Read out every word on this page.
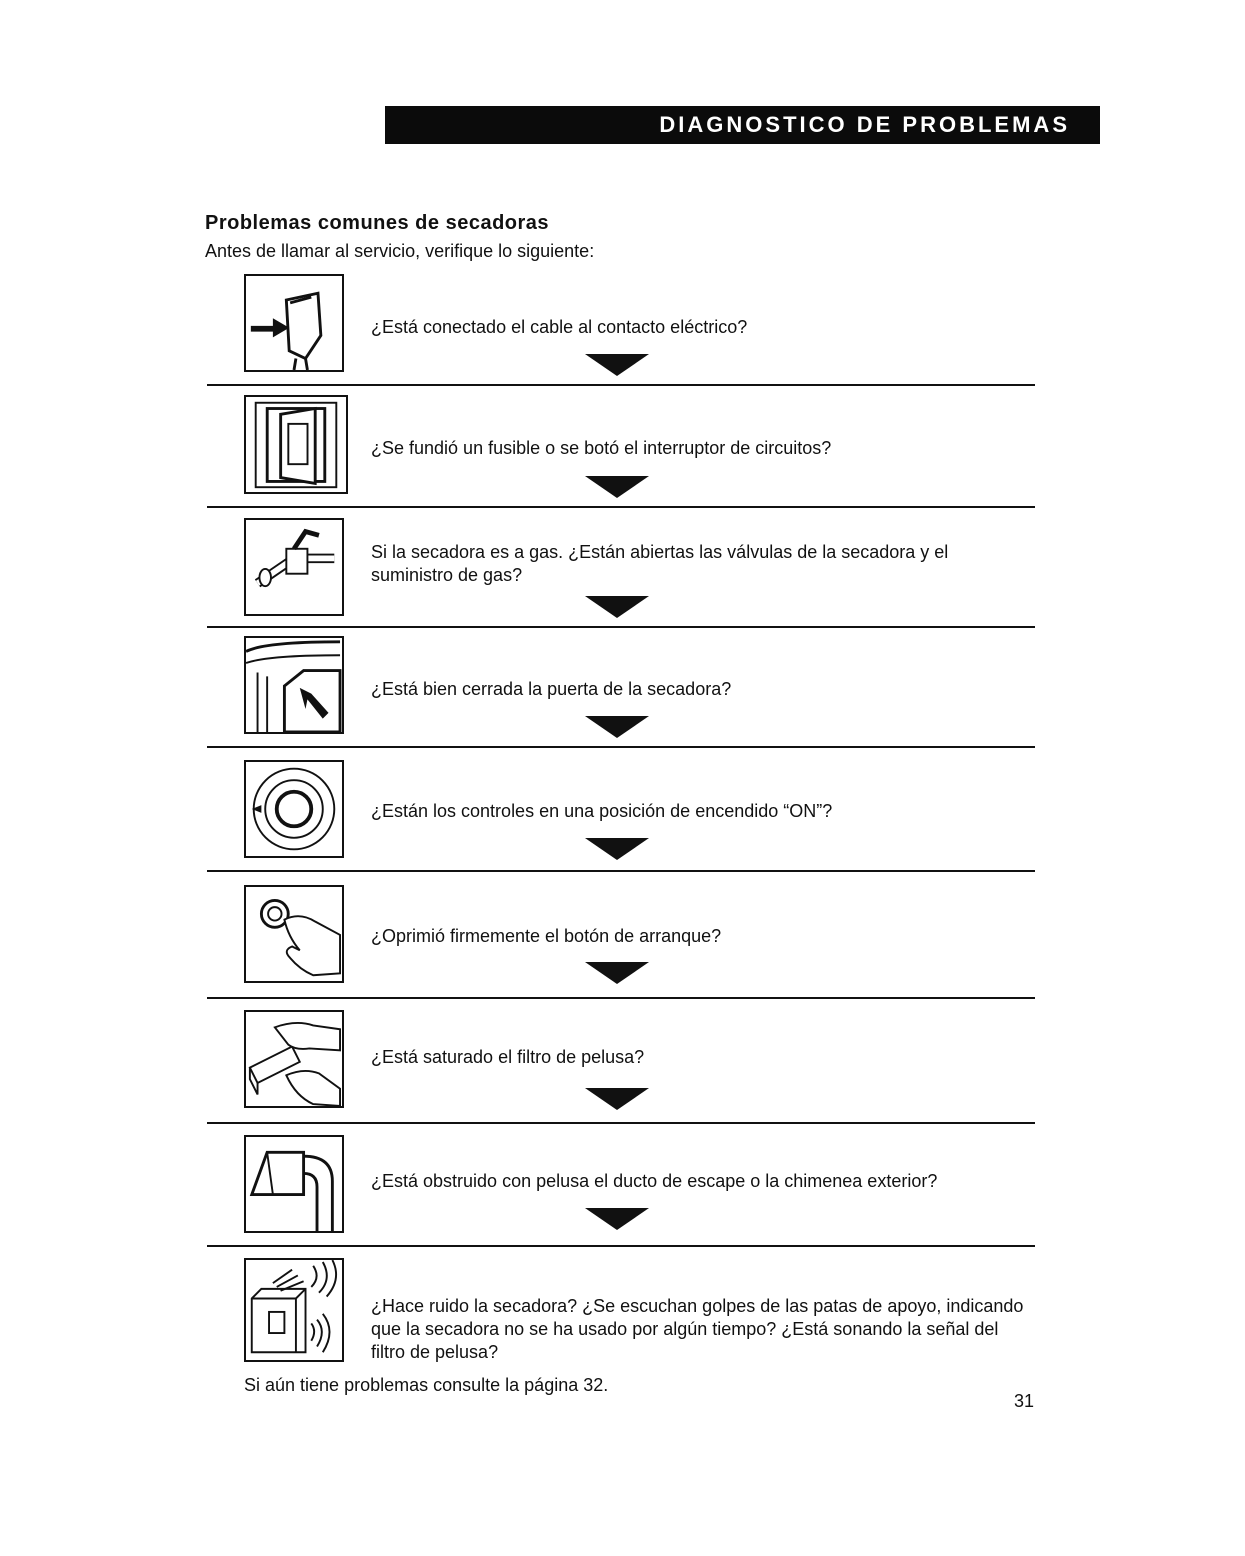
DIAGNOSTICO DE PROBLEMAS
Problemas comunes de secadoras
Antes de llamar al servicio, verifique lo siguiente:
¿Está conectado el cable al contacto eléctrico?
¿Se fundió un fusible o se botó el interruptor de circuitos?
Si la secadora es a gas. ¿Están abiertas las válvulas de la secadora y el suministro de gas?
¿Está bien cerrada la puerta de la secadora?
¿Están los controles en una posición de encendido “ON”?
¿Oprimió firmemente el botón de arranque?
¿Está saturado el filtro de pelusa?
¿Está obstruido con pelusa el ducto de escape o la chimenea exterior?
¿Hace ruido la secadora? ¿Se escuchan golpes de las patas de apoyo, indicando que la secadora no se ha usado por algún tiempo? ¿Está sonando la señal del filtro de pelusa?
Si aún tiene problemas consulte la página 32.
31
